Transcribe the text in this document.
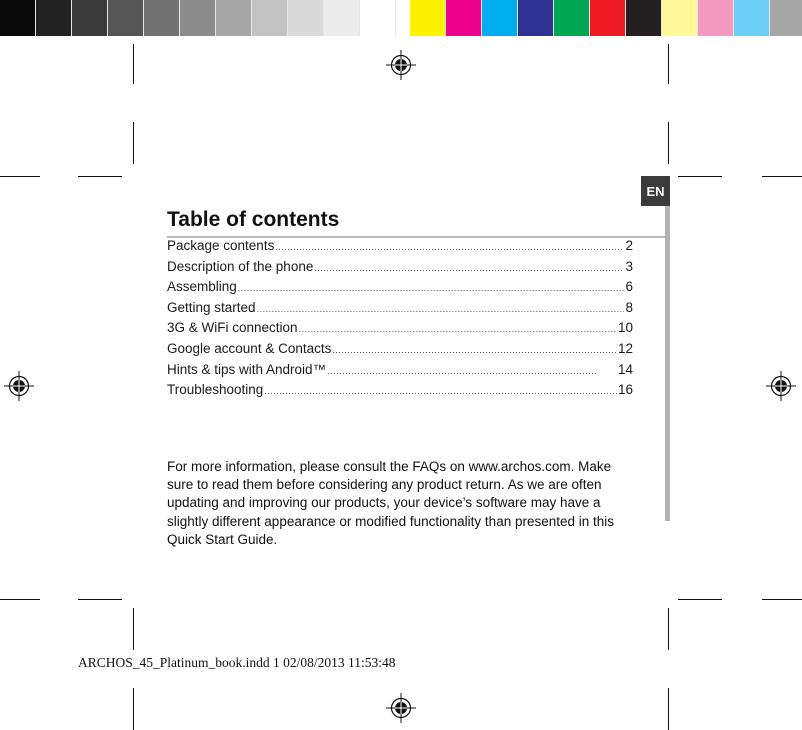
EN
Table of contents
Package contents .....	2
Description of the phone .....	3
Assembling .....	6
Getting started .....	8
3G & WiFi connection .....	10
Google account & Contacts .....	12
Hints & tips with Android™ .....	14
Troubleshooting .....	16

For more information, please consult the FAQs on www.archos.com. Make sure to read them before considering any product return. As we are often updating and improving our products, your device’s software may have a slightly different appearance or modified functionality than presented in this Quick Start Guide.

ARCHOS_45_Platinum_book.indd 1 02/08/2013 11:53:48
